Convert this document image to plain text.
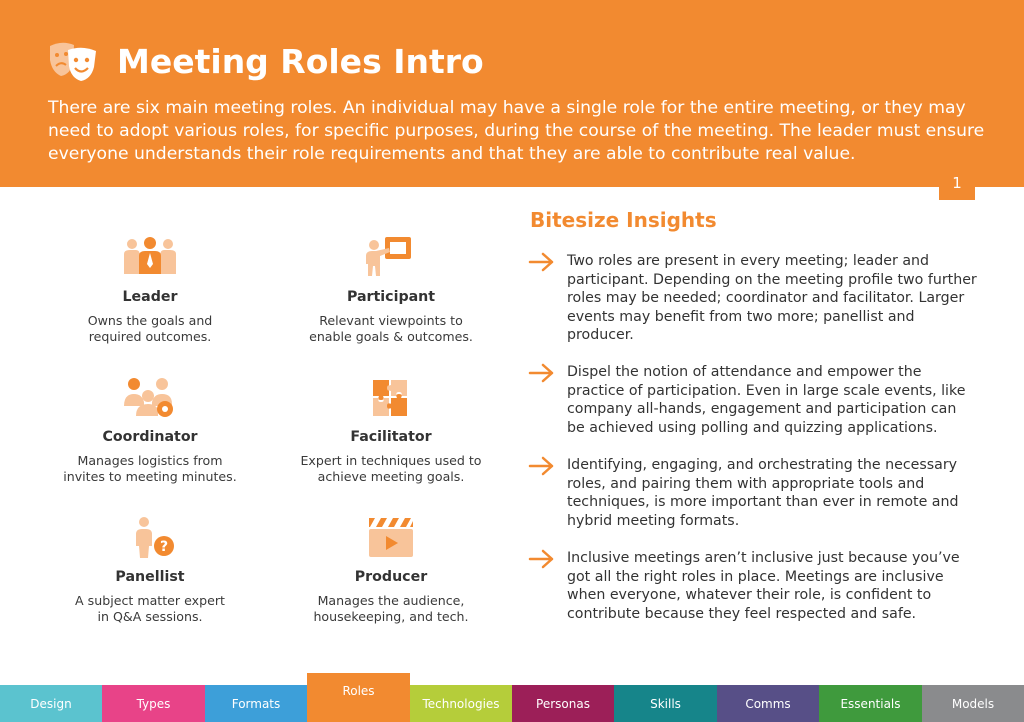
Meeting Roles Intro
There are six main meeting roles. An individual may have a single role for the entire meeting, or they may need to adopt various roles, for specific purposes, during the course of the meeting. The leader must ensure everyone understands their role requirements and that they are able to contribute real value.
1
Leader
Owns the goals and
required outcomes.
Participant
Relevant viewpoints to
enable goals & outcomes.
Coordinator
Manages logistics from
invites to meeting minutes.
Facilitator
Expert in techniques used to
achieve meeting goals.
?
Panellist
A subject matter expert
in Q&A sessions.
Producer
Manages the audience,
housekeeping, and tech.
Bitesize Insights
Two roles are present in every meeting; leader and participant. Depending on the meeting profile two further roles may be needed; coordinator and facilitator. Larger events may benefit from two more; panellist and producer.
Dispel the notion of attendance and empower the practice of participation. Even in large scale events, like company all-hands, engagement and participation can be achieved using polling and quizzing applications.
Identifying, engaging, and orchestrating the necessary roles, and pairing them with appropriate tools and techniques, is more important than ever in remote and hybrid meeting formats.
Inclusive meetings aren’t inclusive just because you’ve got all the right roles in place. Meetings are inclusive when everyone, whatever their role, is confident to contribute because they feel respected and safe.
Design	Types	Formats
Roles
Technologies	Personas	Skills	Comms	Essentials	Models
